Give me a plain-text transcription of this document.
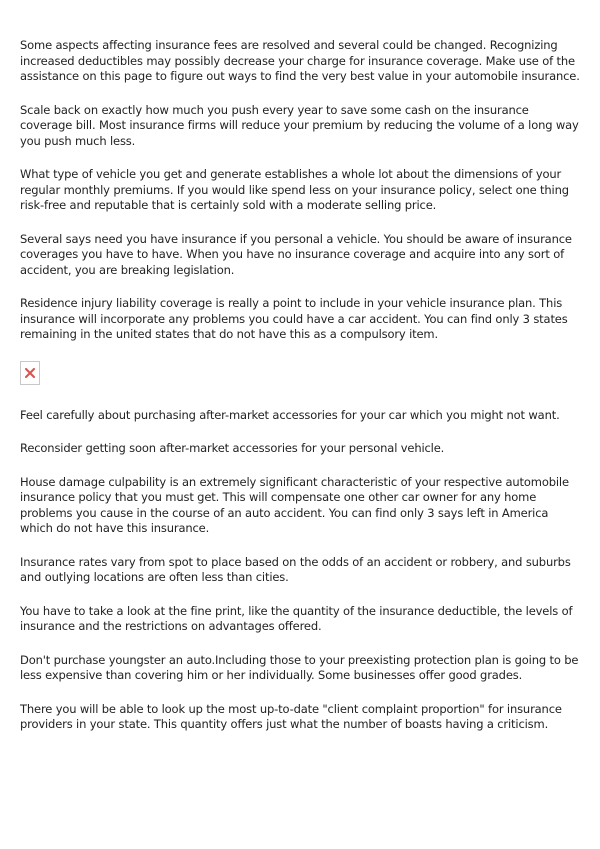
Some aspects affecting insurance fees are resolved and several could be changed. Recognizing increased deductibles may possibly decrease your charge for insurance coverage. Make use of the assistance on this page to figure out ways to find the very best value in your automobile insurance.

Scale back on exactly how much you push every year to save some cash on the insurance coverage bill. Most insurance firms will reduce your premium by reducing the volume of a long way you push much less.

What type of vehicle you get and generate establishes a whole lot about the dimensions of your regular monthly premiums. If you would like spend less on your insurance policy, select one thing risk-free and reputable that is certainly sold with a moderate selling price.

Several says need you have insurance if you personal a vehicle. You should be aware of insurance coverages you have to have. When you have no insurance coverage and acquire into any sort of accident, you are breaking legislation.

Residence injury liability coverage is really a point to include in your vehicle insurance plan. This insurance will incorporate any problems you could have a car accident. You can find only 3 states remaining in the united states that do not have this as a compulsory item.

Feel carefully about purchasing after-market accessories for your car which you might not want.

Reconsider getting soon after-market accessories for your personal vehicle.

House damage culpability is an extremely significant characteristic of your respective automobile insurance policy that you must get. This will compensate one other car owner for any home problems you cause in the course of an auto accident. You can find only 3 says left in America which do not have this insurance.

Insurance rates vary from spot to place based on the odds of an accident or robbery, and suburbs and outlying locations are often less than cities.

You have to take a look at the fine print, like the quantity of the insurance deductible, the levels of insurance and the restrictions on advantages offered.

Don't purchase youngster an auto.Including those to your preexisting protection plan is going to be less expensive than covering him or her individually. Some businesses offer good grades.

There you will be able to look up the most up-to-date "client complaint proportion" for insurance providers in your state. This quantity offers just what the number of boasts having a criticism.
